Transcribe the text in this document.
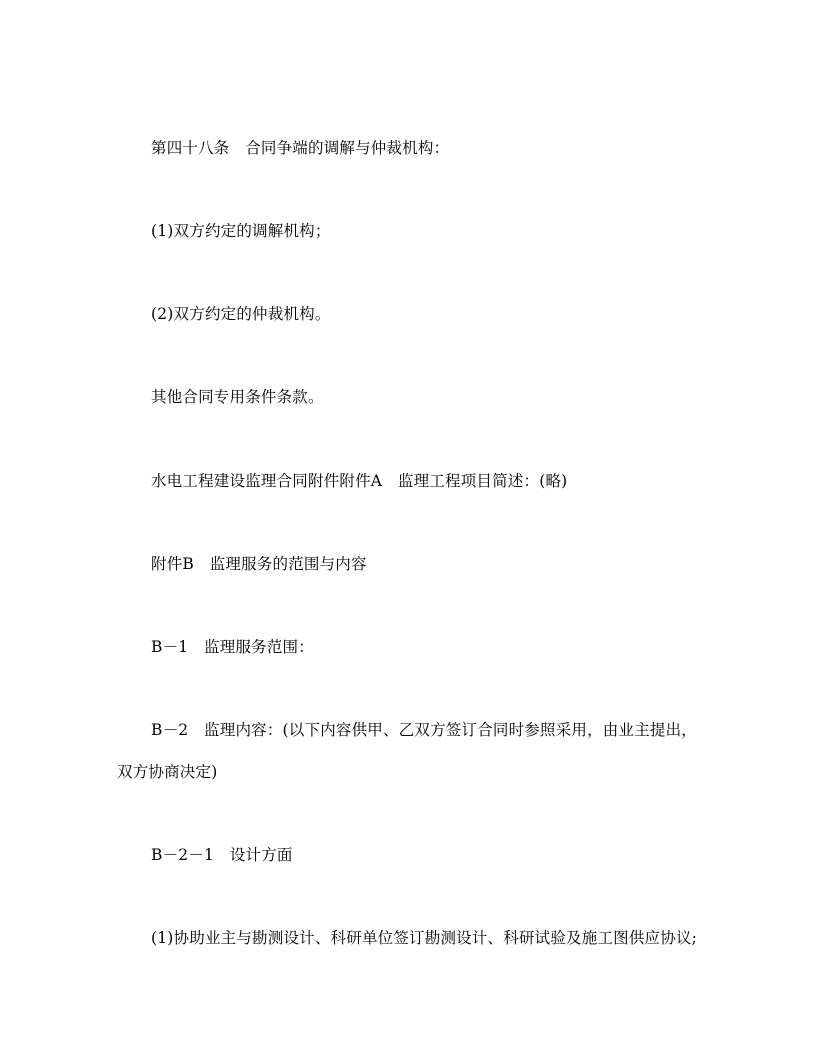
第四十八条　合同争端的调解与仲裁机构：
(1)双方约定的调解机构；
(2)双方约定的仲裁机构。
其他合同专用条件条款。
水电工程建设监理合同附件附件A　监理工程项目简述：(略)
附件B　监理服务的范围与内容
B－1　监理服务范围：
B－2　监理内容：(以下内容供甲、乙双方签订合同时参照采用，由业主提出，
双方协商决定)
B－2－1　设计方面
(1)协助业主与勘测设计、科研单位签订勘测设计、科研试验及施工图供应协议;
